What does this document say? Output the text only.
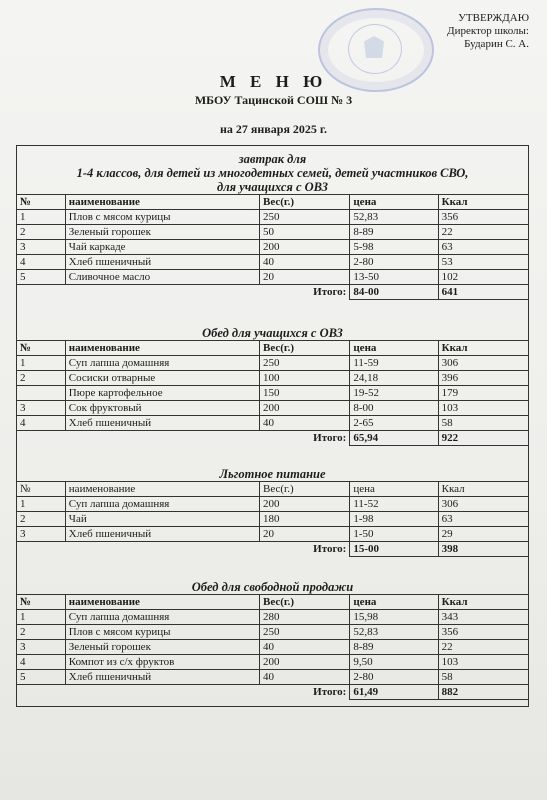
УТВЕРЖДАЮ
Директор школы:
Бударин С. А.
М Е Н Ю
МБОУ Тацинской СОШ № 3
на 27 января 2025 г.
завтрак для
1-4 классов, для детей из многодетных семей, детей участников СВО,
для учащихся с ОВЗ
№	наименование	Вес(г.)	цена	Ккал
1	Плов с мясом курицы	250	52,83	356
2	Зеленый горошек	50	8-89	22
3	Чай каркаде	200	5-98	63
4	Хлеб пшеничный	40	2-80	53
5	Сливочное масло	20	13-50	102
		Итого:	84-00	641
Обед для учащихся с ОВЗ
№	наименование	Вес(г.)	цена	Ккал
1	Суп лапша домашняя	250	11-59	306
2	Сосиски отварные	100	24,18	396
	Пюре картофельное	150	19-52	179
3	Сок фруктовый	200	8-00	103
4	Хлеб пшеничный	40	2-65	58
		Итого:	65,94	922
Льготное питание
№	наименование	Вес(г.)	цена	Ккал
1	Суп лапша домашняя	200	11-52	306
2	Чай	180	1-98	63
3	Хлеб пшеничный	20	1-50	29
		Итого:	15-00	398
Обед для свободной продажи
№	наименование	Вес(г.)	цена	Ккал
1	Суп лапша домашняя	280	15,98	343
2	Плов с мясом курицы	250	52,83	356
3	Зеленый горошек	40	8-89	22
4	Компот из с/х фруктов	200	9,50	103
5	Хлеб пшеничный	40	2-80	58
		Итого:	61,49	882
